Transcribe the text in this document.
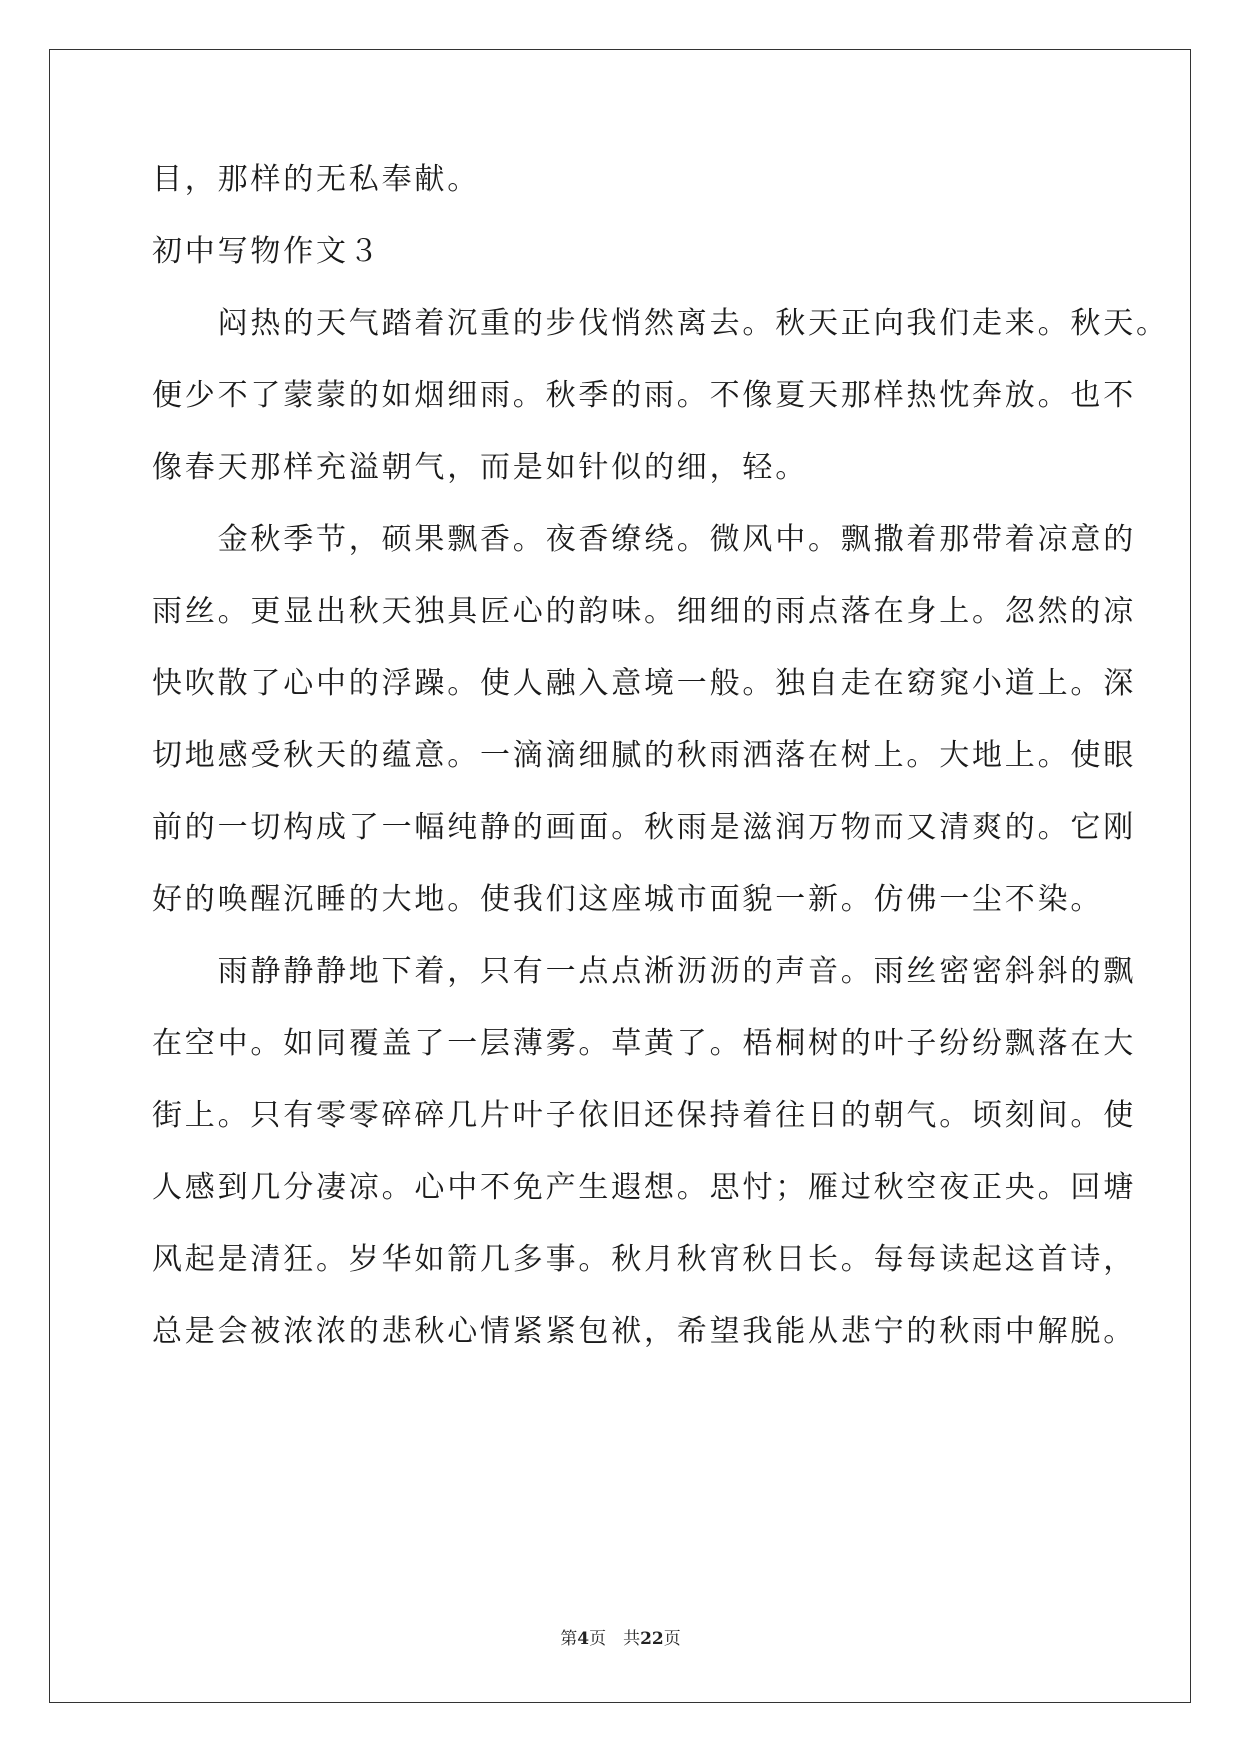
目，那样的无私奉献。
初中写物作文３
　　闷热的天气踏着沉重的步伐悄然离去。秋天正向我们走来。秋天。
便少不了蒙蒙的如烟细雨。秋季的雨。不像夏天那样热忱奔放。也不
像春天那样充溢朝气，而是如针似的细，轻。
　　金秋季节，硕果飘香。夜香缭绕。微风中。飘撒着那带着凉意的
雨丝。更显出秋天独具匠心的韵味。细细的雨点落在身上。忽然的凉
快吹散了心中的浮躁。使人融入意境一般。独自走在窈窕小道上。深
切地感受秋天的蕴意。一滴滴细腻的秋雨洒落在树上。大地上。使眼
前的一切构成了一幅纯静的画面。秋雨是滋润万物而又清爽的。它刚
好的唤醒沉睡的大地。使我们这座城市面貌一新。仿佛一尘不染。
　　雨静静静地下着，只有一点点淅沥沥的声音。雨丝密密斜斜的飘
在空中。如同覆盖了一层薄雾。草黄了。梧桐树的叶子纷纷飘落在大
街上。只有零零碎碎几片叶子依旧还保持着往日的朝气。顷刻间。使
人感到几分凄凉。心中不免产生遐想。思忖；雁过秋空夜正央。回塘
风起是清狂。岁华如箭几多事。秋月秋宵秋日长。每每读起这首诗，
总是会被浓浓的悲秋心情紧紧包袱，希望我能从悲宁的秋雨中解脱。
第4页　共22页
